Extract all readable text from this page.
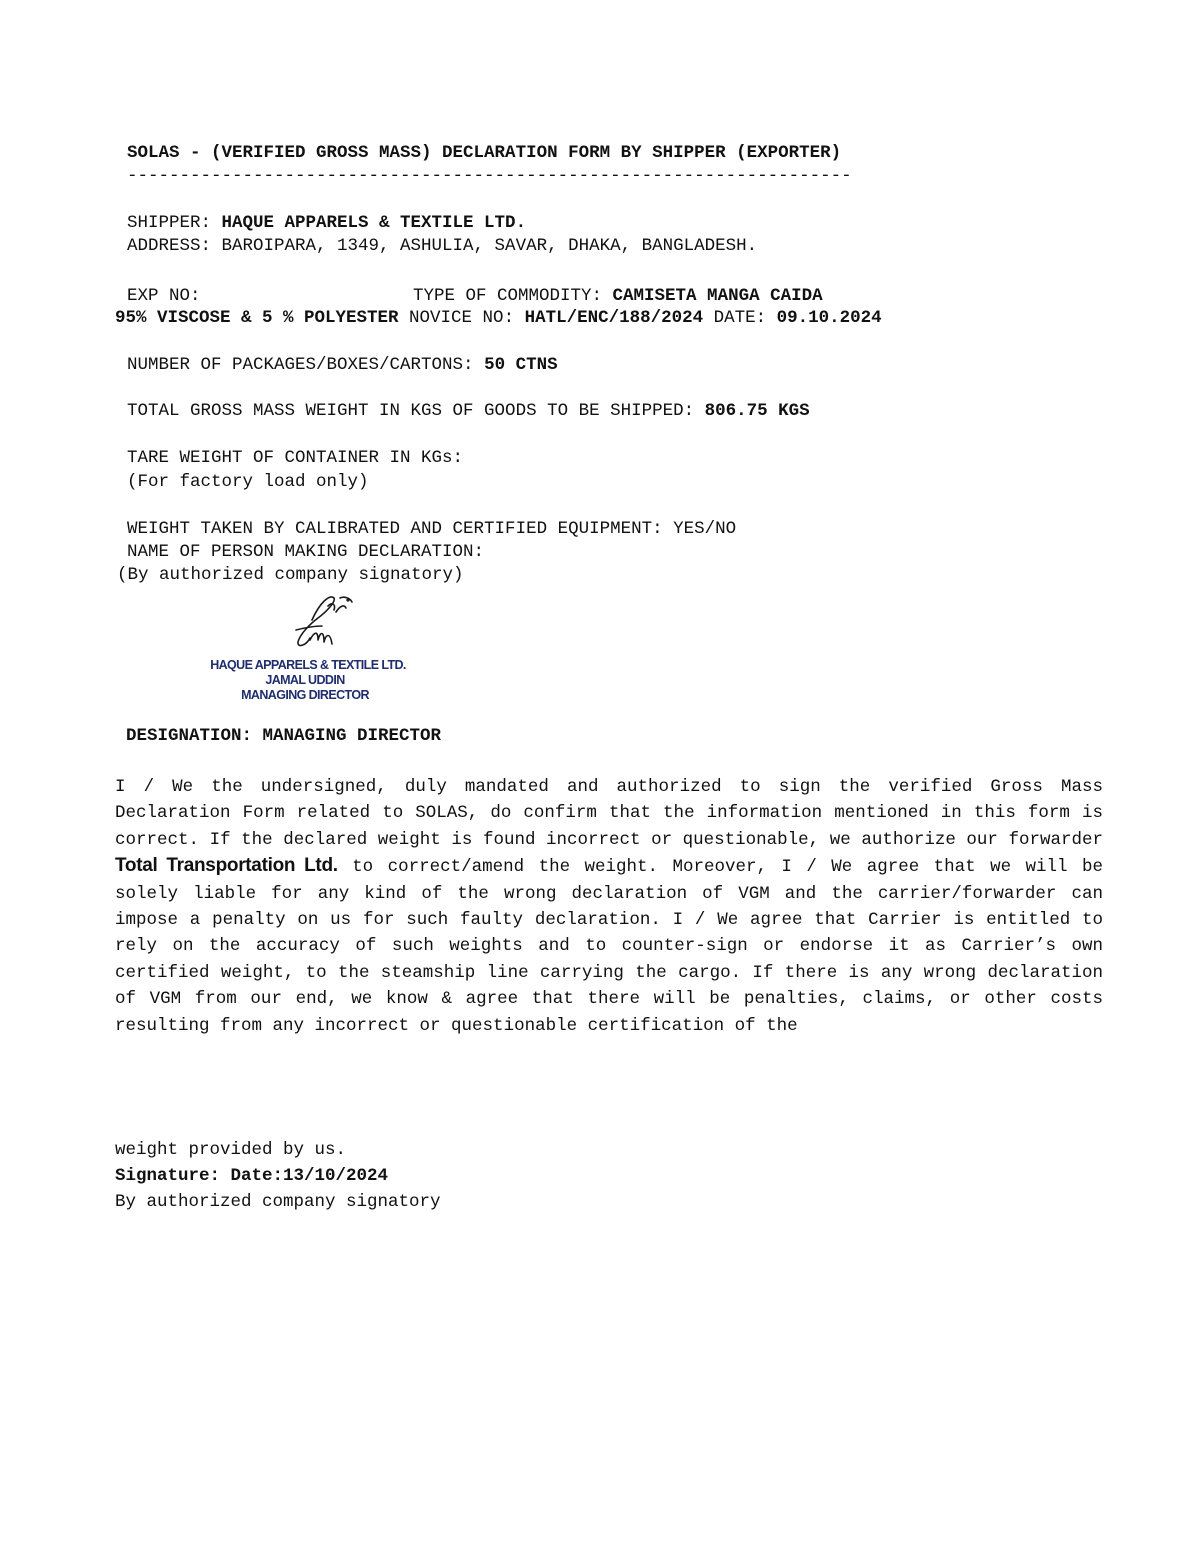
SOLAS - (VERIFIED GROSS MASS) DECLARATION FORM BY SHIPPER (EXPORTER)
---------------------------------------------------------------------
SHIPPER: HAQUE APPARELS & TEXTILE LTD.
ADDRESS: BAROIPARA, 1349, ASHULIA, SAVAR, DHAKA, BANGLADESH.
EXP NO:	TYPE OF COMMODITY: CAMISETA MANGA CAIDA
95% VISCOSE & 5 % POLYESTER NOVICE NO: HATL/ENC/188/2024 DATE: 09.10.2024
NUMBER OF PACKAGES/BOXES/CARTONS: 50 CTNS
TOTAL GROSS MASS WEIGHT IN KGS OF GOODS TO BE SHIPPED: 806.75 KGS
TARE WEIGHT OF CONTAINER IN KGs:
(For factory load only)
WEIGHT TAKEN BY CALIBRATED AND CERTIFIED EQUIPMENT: YES/NO
NAME OF PERSON MAKING DECLARATION:
(By authorized company signatory)
HAQUE APPARELS & TEXTILE LTD.
JAMAL UDDIN
MANAGING DIRECTOR
DESIGNATION: MANAGING DIRECTOR
I / We the undersigned, duly mandated and authorized to sign the verified Gross Mass Declaration Form related to SOLAS, do confirm that the information mentioned in this form is correct. If the declared weight is found incorrect or questionable, we authorize our forwarder Total Transportation Ltd. to correct/amend the weight. Moreover, I / We agree that we will be solely liable for any kind of the wrong declaration of VGM and the carrier/forwarder can impose a penalty on us for such faulty declaration. I / We agree that Carrier is entitled to rely on the accuracy of such weights and to counter-sign or endorse it as Carrier’s own certified weight, to the steamship line carrying the cargo. If there is any wrong declaration of VGM from our end, we know & agree that there will be penalties, claims, or other costs resulting from any incorrect or questionable certification of the
weight provided by us.
Signature: Date:13/10/2024
By authorized company signatory
